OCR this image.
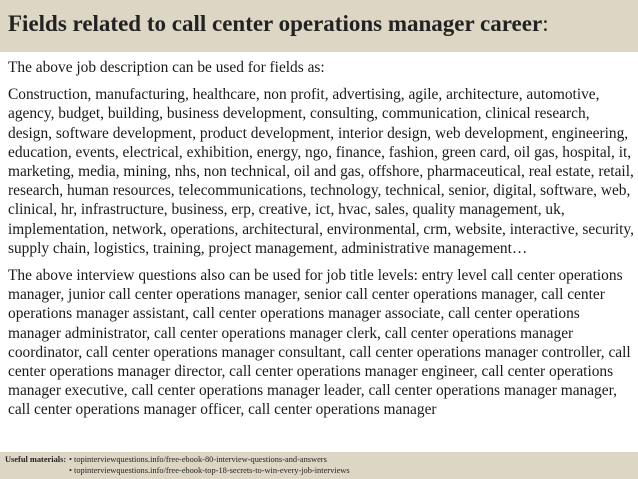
Fields related to call center operations manager career:

The above job description can be used for fields as:

Construction, manufacturing, healthcare, non profit, advertising, agile, architecture, automotive, agency, budget, building, business development, consulting, communication, clinical research, design, software development, product development, interior design, web development, engineering, education, events, electrical, exhibition, energy, ngo, finance, fashion, green card, oil gas, hospital, it, marketing, media, mining, nhs, non technical, oil and gas, offshore, pharmaceutical, real estate, retail, research, human resources, telecommunications, technology, technical, senior, digital, software, web, clinical, hr, infrastructure, business, erp, creative, ict, hvac, sales, quality management, uk, implementation, network, operations, architectural, environmental, crm, website, interactive, security, supply chain, logistics, training, project management, administrative management…

The above interview questions also can be used for job title levels: entry level call center operations manager, junior call center operations manager, senior call center operations manager, call center operations manager assistant, call center operations manager associate, call center operations manager administrator, call center operations manager clerk, call center operations manager coordinator, call center operations manager consultant, call center operations manager controller, call center operations manager director, call center operations manager engineer, call center operations manager executive, call center operations manager leader, call center operations manager manager, call center operations manager officer, call center operations manager

Useful materials: • topinterviewquestions.info/free-ebook-80-interview-questions-and-answers
• topinterviewquestions.info/free-ebook-top-18-secrets-to-win-every-job-interviews
